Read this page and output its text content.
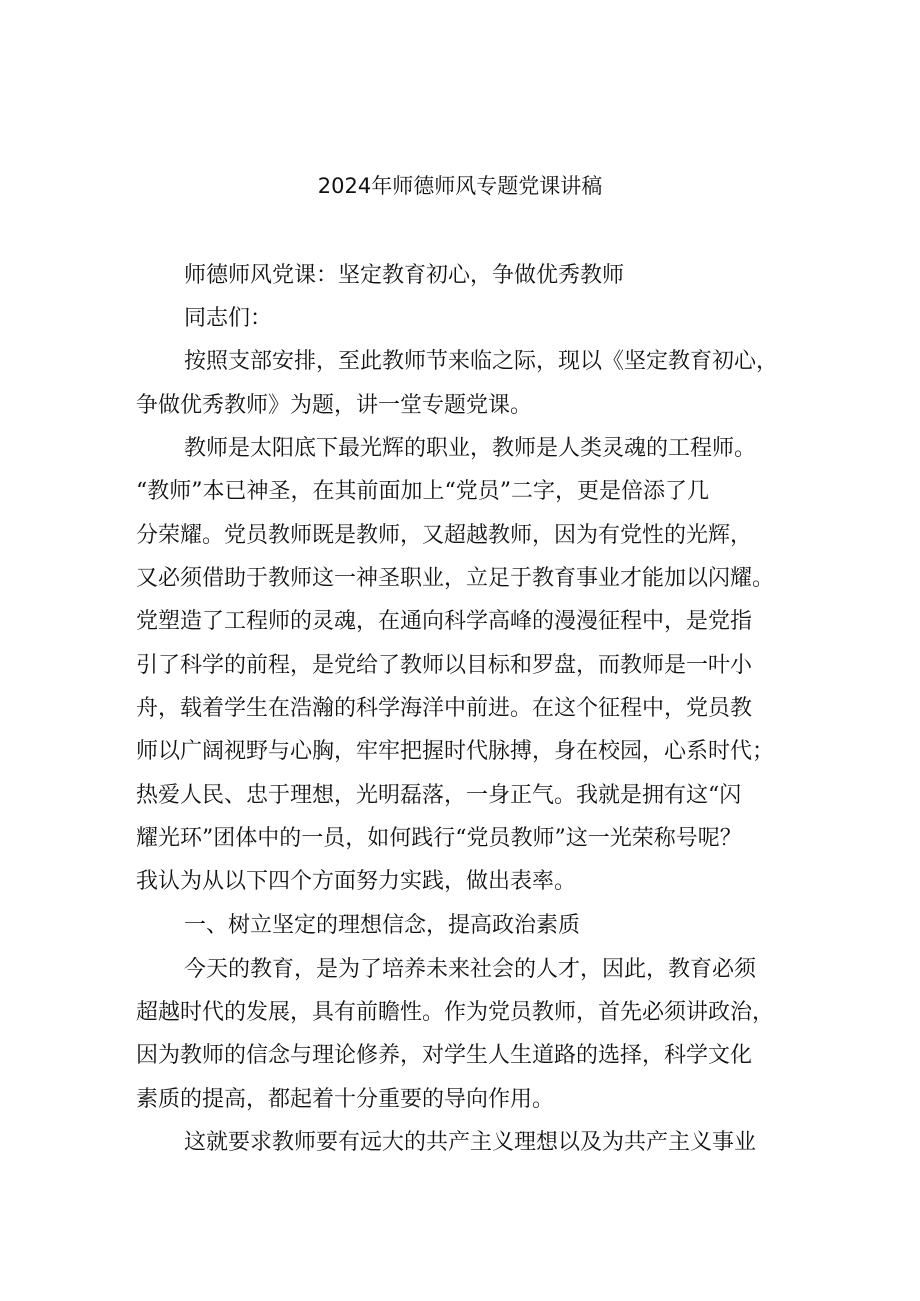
2024年师德师风专题党课讲稿
师德师风党课：坚定教育初心，争做优秀教师
同志们：
按照支部安排，至此教师节来临之际，现以《坚定教育初心，
争做优秀教师》为题，讲一堂专题党课。
教师是太阳底下最光辉的职业，教师是人类灵魂的工程师。
“教师”本已神圣，在其前面加上“党员”二字，更是倍添了几
分荣耀。党员教师既是教师，又超越教师，因为有党性的光辉，
又必须借助于教师这一神圣职业，立足于教育事业才能加以闪耀。
党塑造了工程师的灵魂，在通向科学高峰的漫漫征程中，是党指
引了科学的前程，是党给了教师以目标和罗盘，而教师是一叶小
舟，载着学生在浩瀚的科学海洋中前进。在这个征程中，党员教
师以广阔视野与心胸，牢牢把握时代脉搏，身在校园，心系时代；
热爱人民、忠于理想，光明磊落，一身正气。我就是拥有这“闪
耀光环”团体中的一员，如何践行“党员教师”这一光荣称号呢？
我认为从以下四个方面努力实践，做出表率。
一、树立坚定的理想信念，提高政治素质
今天的教育，是为了培养未来社会的人才，因此，教育必须
超越时代的发展，具有前瞻性。作为党员教师，首先必须讲政治，
因为教师的信念与理论修养，对学生人生道路的选择，科学文化
素质的提高，都起着十分重要的导向作用。
这就要求教师要有远大的共产主义理想以及为共产主义事业
